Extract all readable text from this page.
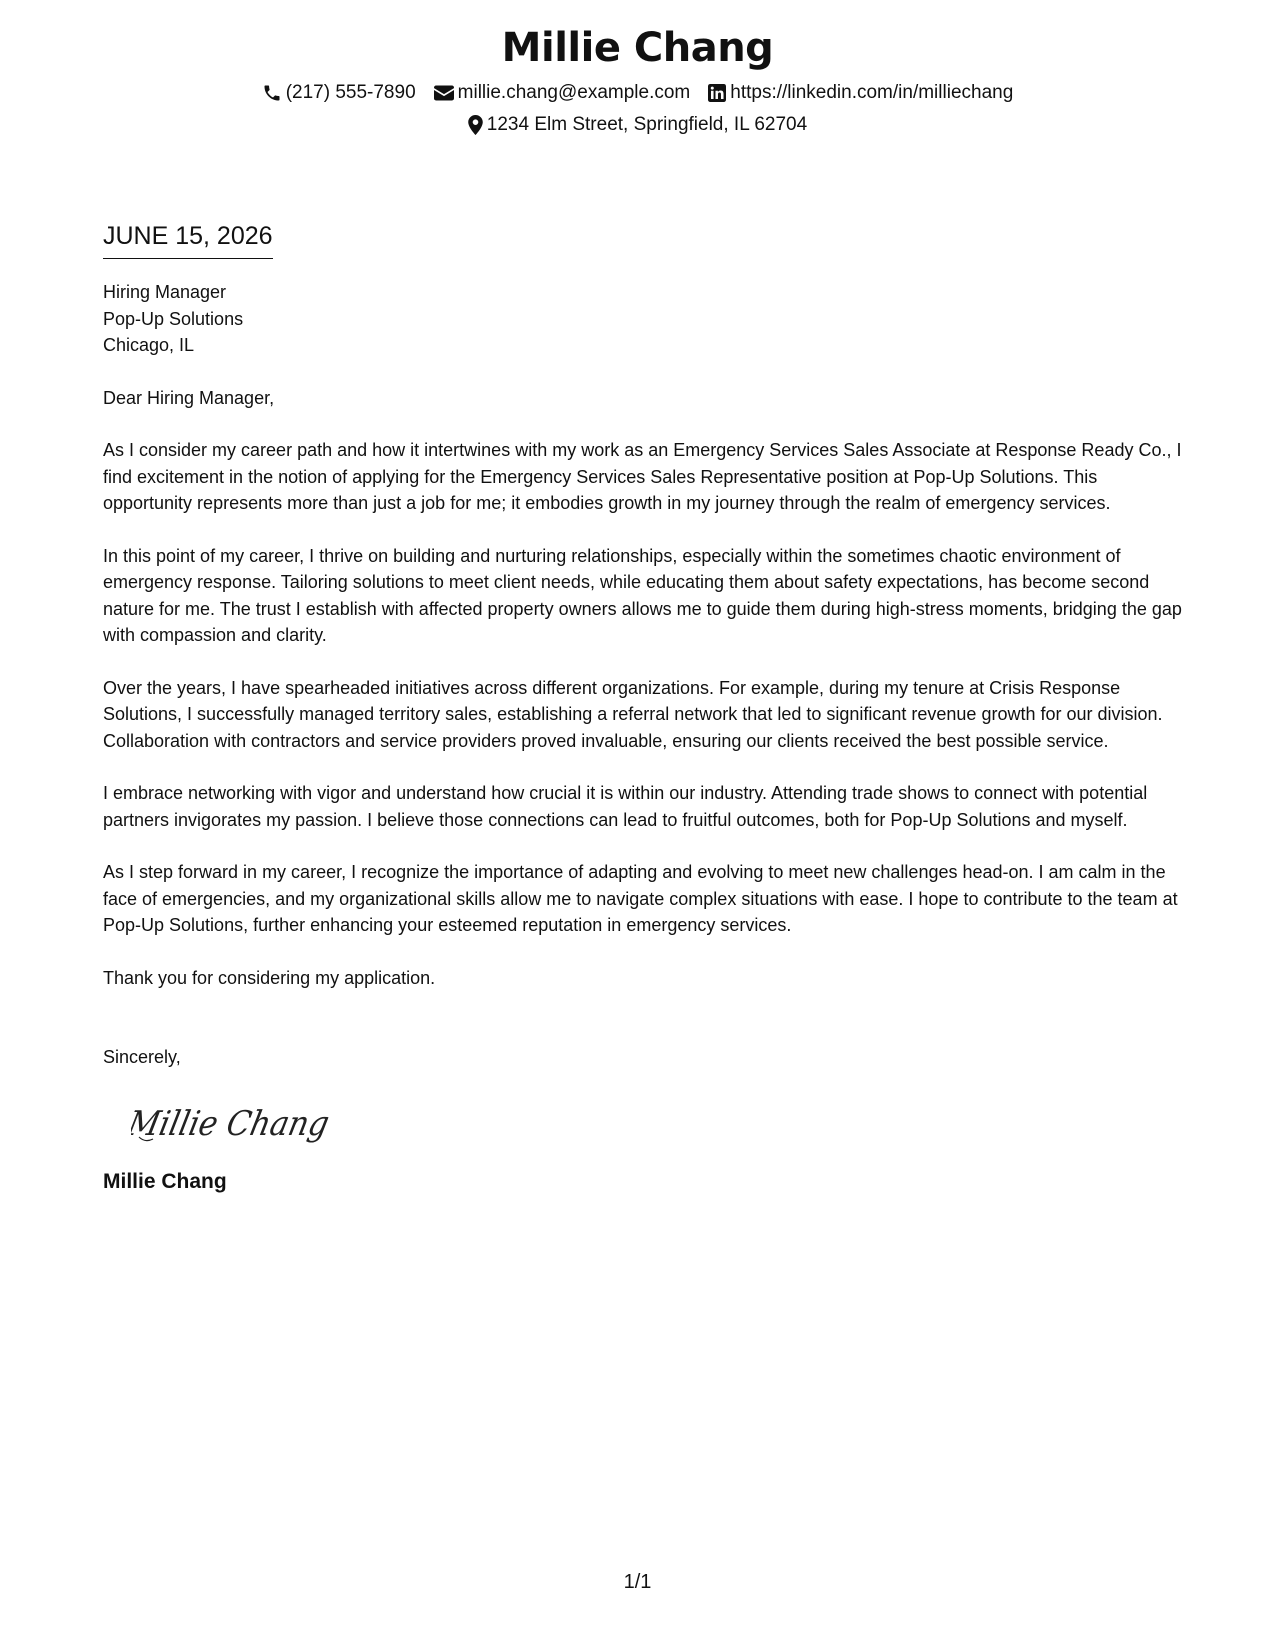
Millie Chang
(217) 555-7890 millie.chang@example.com https://linkedin.com/in/milliechang
1234 Elm Street, Springfield, IL 62704
JUNE 15, 2026
Hiring Manager
Pop-Up Solutions
Chicago, IL

Dear Hiring Manager,

As I consider my career path and how it intertwines with my work as an Emergency Services Sales Associate at Response Ready Co., I find excitement in the notion of applying for the Emergency Services Sales Representative position at Pop-Up Solutions. This opportunity represents more than just a job for me; it embodies growth in my journey through the realm of emergency services.

In this point of my career, I thrive on building and nurturing relationships, especially within the sometimes chaotic environment of emergency response. Tailoring solutions to meet client needs, while educating them about safety expectations, has become second nature for me. The trust I establish with affected property owners allows me to guide them during high-stress moments, bridging the gap with compassion and clarity.

Over the years, I have spearheaded initiatives across different organizations. For example, during my tenure at Crisis Response Solutions, I successfully managed territory sales, establishing a referral network that led to significant revenue growth for our division. Collaboration with contractors and service providers proved invaluable, ensuring our clients received the best possible service.

I embrace networking with vigor and understand how crucial it is within our industry. Attending trade shows to connect with potential partners invigorates my passion. I believe those connections can lead to fruitful outcomes, both for Pop-Up Solutions and myself.

As I step forward in my career, I recognize the importance of adapting and evolving to meet new challenges head-on. I am calm in the face of emergencies, and my organizational skills allow me to navigate complex situations with ease. I hope to contribute to the team at Pop-Up Solutions, further enhancing your esteemed reputation in emergency services.

Thank you for considering my application.

Sincerely,

Millie Chang
Millie Chang
1/1
